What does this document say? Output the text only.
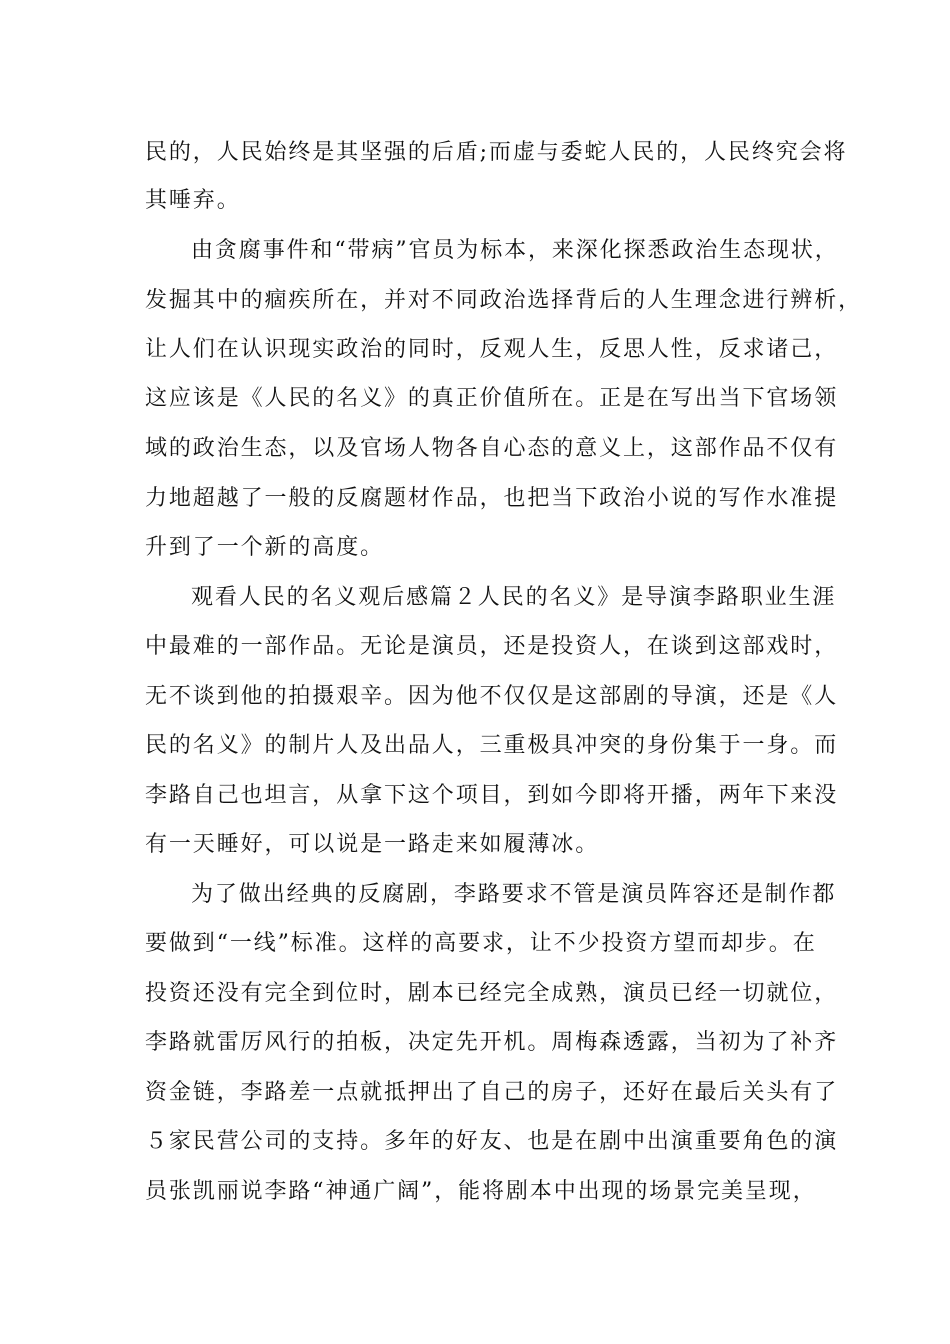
民的，人民始终是其坚强的后盾;而虚与委蛇人民的，人民终究会将
其唾弃。
由贪腐事件和“带病”官员为标本，来深化探悉政治生态现状，
发掘其中的痼疾所在，并对不同政治选择背后的人生理念进行辨析，
让人们在认识现实政治的同时，反观人生，反思人性，反求诸己，
这应该是《人民的名义》的真正价值所在。正是在写出当下官场领
域的政治生态，以及官场人物各自心态的意义上，这部作品不仅有
力地超越了一般的反腐题材作品，也把当下政治小说的写作水准提
升到了一个新的高度。
观看人民的名义观后感篇２人民的名义》是导演李路职业生涯
中最难的一部作品。无论是演员，还是投资人，在谈到这部戏时，
无不谈到他的拍摄艰辛。因为他不仅仅是这部剧的导演，还是《人
民的名义》的制片人及出品人，三重极具冲突的身份集于一身。而
李路自己也坦言，从拿下这个项目，到如今即将开播，两年下来没
有一天睡好，可以说是一路走来如履薄冰。
为了做出经典的反腐剧，李路要求不管是演员阵容还是制作都
要做到“一线”标准。这样的高要求，让不少投资方望而却步。在
投资还没有完全到位时，剧本已经完全成熟，演员已经一切就位，
李路就雷厉风行的拍板，决定先开机。周梅森透露，当初为了补齐
资金链，李路差一点就抵押出了自己的房子，还好在最后关头有了
５家民营公司的支持。多年的好友、也是在剧中出演重要角色的演
员张凯丽说李路“神通广阔”，能将剧本中出现的场景完美呈现，
